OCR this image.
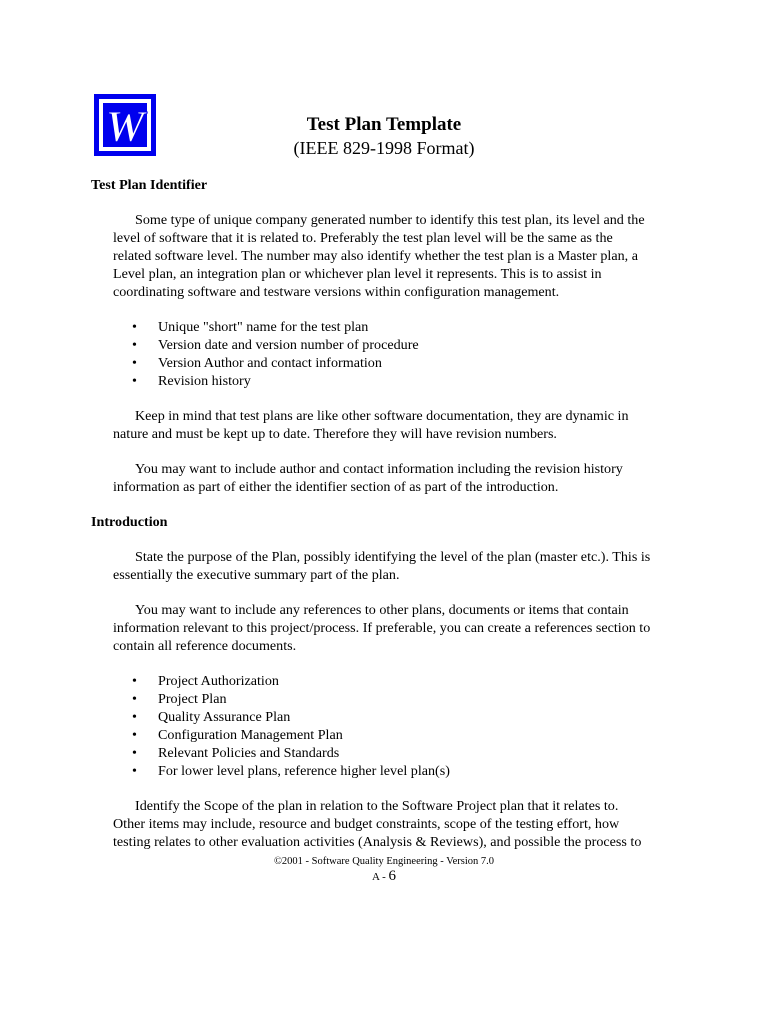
W	Test Plan Template
(IEEE 829-1998 Format)
Test Plan Identifier

Some type of unique company generated number to identify this test plan, its level and the level of software that it is related to. Preferably the test plan level will be the same as the related software level. The number may also identify whether the test plan is a Master plan, a Level plan, an integration plan or whichever plan level it represents. This is to assist in coordinating software and testware versions within configuration management.

• Unique "short" name for the test plan
• Version date and version number of procedure
• Version Author and contact information
• Revision history

Keep in mind that test plans are like other software documentation, they are dynamic in nature and must be kept up to date. Therefore they will have revision numbers.

You may want to include author and contact information including the revision history information as part of either the identifier section of as part of the introduction.

Introduction

State the purpose of the Plan, possibly identifying the level of the plan (master etc.). This is essentially the executive summary part of the plan.

You may want to include any references to other plans, documents or items that contain information relevant to this project/process. If preferable, you can create a references section to contain all reference documents.

• Project Authorization
• Project Plan
• Quality Assurance Plan
• Configuration Management Plan
• Relevant Policies and Standards
• For lower level plans, reference higher level plan(s)

Identify the Scope of the plan in relation to the Software Project plan that it relates to. Other items may include, resource and budget constraints, scope of the testing effort, how testing relates to other evaluation activities (Analysis & Reviews), and possible the process to

©2001 - Software Quality Engineering - Version 7.0
A - 6
